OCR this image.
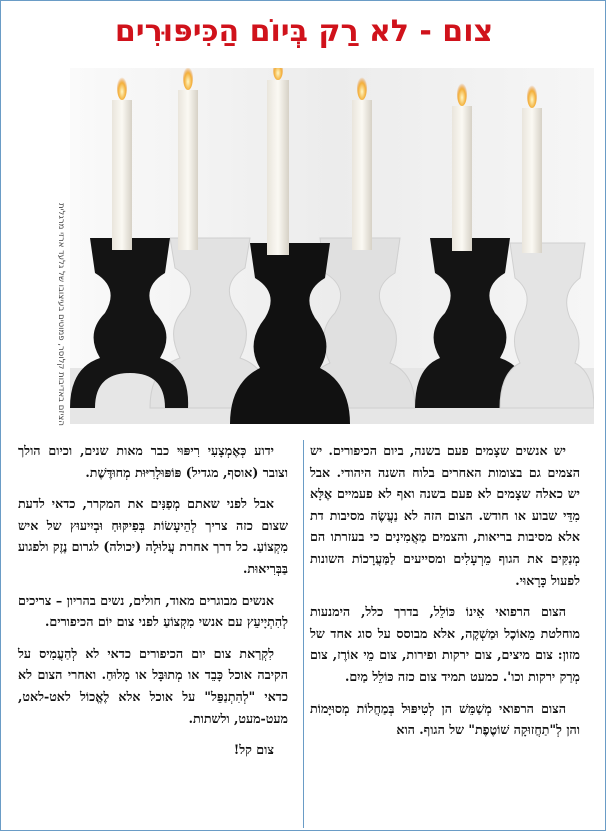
צום - לא רַק בְּיוֹם הַכִּיפּוּרִים
הציזם באדיבות קלוסר, פמוטים בעיצובו של גלעד ארזי מרגלית

יש אנשים שצָמים פעם בשנה, ביום הכיפורים. יש הצמים גם בצומות האחרים בלוח השנה היהודי. אבל יש כאלה שצָמים לא פעם בשנה ואף לא פעמיים אֶלָּא מִדֵּי שבוע או חודש. הצום הזה לא נַעֲשֶׂה מסיבות דת אלא מסיבות בריאות, והצמים מַאֲמִינִים כי בעזרתו הם מְנַקִּים את הגוף מֵרְעָלִים ומסייעים לַמַּעֲרָכוֹת השונות לפעול כָּרָאוּי.

הצום הרפואי אֵינוֹ כּוֹלֵל, בדרך כלל, הימנעות מוחלטת מֵאוֹכֶל וּמַשְׁקֶה, אלא מבוסס על סוג אחד של מזון: צום מיצים, צום ירקות ופירות, צום מֵי אוֹרֶז, צום מְרַק ירקות וכו'. כמעט תמיד צום כזה כּוֹלֵל מַיִם.

הצום הרפואי מְשַׁמֵּשׁ הן לְטִיפּוּל בְּמַחֲלוֹת מְסוּיָּמוֹת והן לְ"תַחֲזוּקָה שׁוֹטֶפֶת" של הגוף. הוא

ידוע כְּאֶמְצָעִי רִיפּוּי כבר מאות שנים, וכיום הולך וצובר (אוסף, מגדיל) פּוֹפּוּלָרִיּוּת מְחוּדֶּשֶׁת.

אבל לפני שאתם מְפַנִּים את המקרר, כדאי לדעת שצום כזה צריך לְהֵיעָשׂוֹת בְּפִיקּוּחַ וּבְיִיעוּץ של איש מִקְצוֹעַ. כל דרך אחרת עֲלוּלָה (יכולה) לגרום נֶזֶק ולפגוע בַּבְּרִיאוּת.

אנשים מבוגרים מאוד, חולים, נשים בהריון – צריכים לְהִתְיָיעֵץ עם אנשי מִקְצוֹעַ לפני צום יוֹם הכיפורים.

לִקְרַאת צום יום הכיפורים כדאי לא לְהַעֲמִיס על הקיבה אוכל כָּבֵד או מְתוּבָּל או מָלוּחַ. ואחרי הצום לא כדאי "לְהִתְנַפֵּל" על אוכל אלא לֶאֱכוֹל לאט-לאט, מעט-מעט, ולשתות.

צום קל!
